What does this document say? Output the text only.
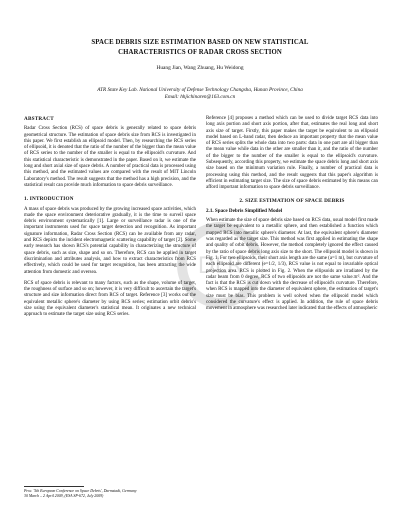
SPACE DEBRIS SIZE ESTIMATION BASED ON NEW STATISTICAL
CHARACTERISTICS OF RADAR CROSS SECTION
Huang Jian, Wang Zhuang, Hu Weidong
ATR State Key Lab. National University of Defense Technology Changsha, Hunan Province, China
Email: hhjichinaren@163.com.cn
DLR
ABSTRACT

Radar Cross Section (RCS) of space debris is generally related to space debris geometrical structure. The estimation of space debris size from RCS is investigated in this paper. We first establish an ellipsoid model. Then, by researching the RCS series of ellipsoid, it is denoted that the ratio of the number of the bigger than the mean value of RCS series to the number of the smaller is equal to the ellipsoid's curvature. And this statistical characteristic is demonstrated in the paper. Based on it, we estimate the long and short axial size of space debris. A number of practical data is processed using this method, and the estimated values are compared with the result of MIT Lincoln Laboratory's method. The result suggests that the method has a high precision, and the statistical result can provide much information to space debris surveillance.

1. INTRODUCTION

A mass of space debris was produced by the growing increased space activities, which made the space environment deteriorative gradually, it is the time to surveil space debris environment systematically [1]. Large or surveillance radar is one of the important instruments used for space target detection and recognition. As important signature information, Radar Cross Section (RCS) can be available from any radar, and RCS depicts the incident electromagnetic scattering capability of target [2]. Some early research has shown RCS's potential capability in characterizing the structure of space debris, such as size, shape and so on. Therefore, RCS can be applied in target discrimination and attributes analysis, and how to extract characteristics from RCS effectively, which could be used for target recognition, has been attracting the wide attention from domestic and oversea.

RCS of space debris is relevant to many factors, such as the shape, volume of target, the roughness of surface and so on; however, it is very difficult to ascertain the target's structure and size information direct from RCS of target. Reference [3] works out the equivalent metallic sphere's diameter by using RCS series; estimation orbit debris's size using the equivalent diameter's statistical mean. It originates a new technical approach to estimate the target size using RCS series.

Reference [4] proposes a method which can be used to divide target RCS data into long axis portion and short axis portion, after that, estimates the real long and short axis size of target. Firstly, this paper makes the target be equivalent to an ellipsoid model based on L-band radar, then deduce an important property that the mean value of RCS series splits the whole data into two parts: data in one part are all bigger than the mean value while data in the other are smaller than it, and the ratio of the number of the bigger to the number of the smaller is equal to the ellipsoid's curvature. Subsequently, according this property, we estimate the space debris long and short axis size based on the minimum variation rule. Finally, a number of practical data is processing using this method, and the result suggests that this paper's algorithm is efficient in estimating target size. The size of space debris estimated by this means can afford important information to space debris surveillance.

2. SIZE ESTIMATION OF SPACE DEBRIS
2.1. Space Debris Simplified Model

When estimate the size of space debris size based on RCS data, usual model first made the target be equivalent to a metallic sphere, and then established a function which mapped RCS into metallic sphere's diameter. At last, the equivalent sphere's diameter was regarded as the target size. This method was first applied in estimating the shape and quality of orbit debris. However, the method completely ignored the effect caused by the ratio of space debris long axis size to the short. The ellipsoid model is shown in Fig. 1. For two ellipsoids, their short axis length are the same (a=1 m), but curvature of each ellipsoid are different (e=1/2, 1/3), RCS value is not equal to invariable optical projection area. RCS is plotted in Fig. 2. When the ellipsoids are irradiated by the radar beam from 0 degree, RCS of two ellipsoids are not the same value.πr². And the fact is that the RCS is cut down with the decrease of ellipsoid's curvature. Therefore, when RCS is mapped into the diameter of equivalent sphere, the estimation of target's size must be bias. This problem is well solved when the ellipsoid model which considered the curvature's effect is applied. In addition, the rule of space debris movement in atmosphere was researched later indicated that the effects of atmospheric

Proc. '5th European Conference on Space Debris', Darmstadt, Germany
30 March – 2 April 2009, (ESA SP-672, July 2009)
